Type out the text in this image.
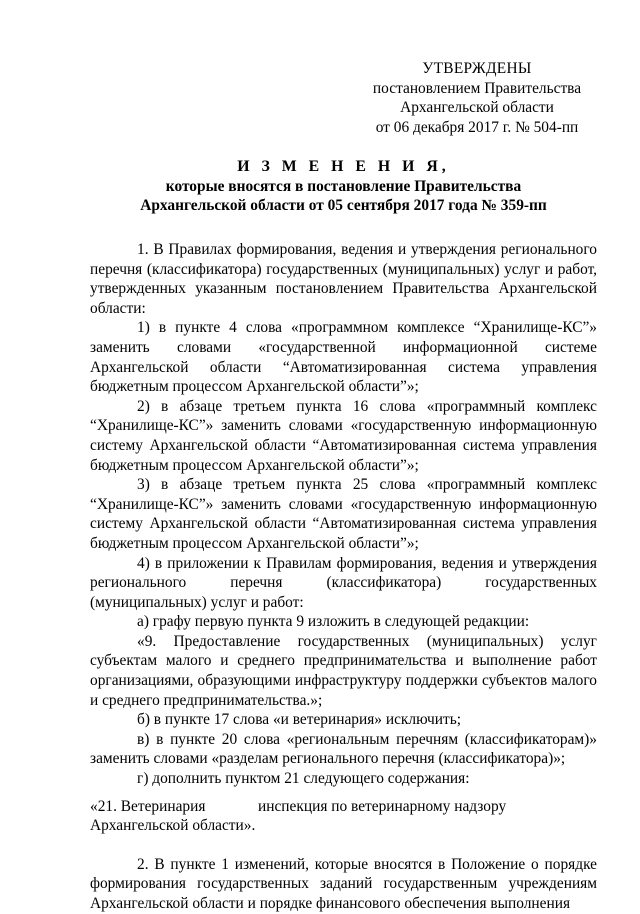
УТВЕРЖДЕНЫ
постановлением Правительства
Архангельской области
от 06 декабря 2017 г. № 504-пп
И З М Е Н Е Н И Я,
которые вносятся в постановление Правительства
Архангельской области от 05 сентября 2017 года № 359-пп

1. В Правилах формирования, ведения и утверждения регионального перечня (классификатора) государственных (муниципальных) услуг и работ, утвержденных указанным постановлением Правительства Архангельской области:

1) в пункте 4 слова «программном комплексе “Хранилище-КС”» заменить словами «государственной информационной системе Архангельской области “Автоматизированная система управления бюджетным процессом Архангельской области”»;

2) в абзаце третьем пункта 16 слова «программный комплекс “Хранилище-КС”» заменить словами «государственную информационную систему Архангельской области “Автоматизированная система управления бюджетным процессом Архангельской области”»;

3) в абзаце третьем пункта 25 слова «программный комплекс “Хранилище-КС”» заменить словами «государственную информационную систему Архангельской области “Автоматизированная система управления бюджетным процессом Архангельской области”»;

4) в приложении к Правилам формирования, ведения и утверждения регионального перечня (классификатора) государственных (муниципальных) услуг и работ:

а) графу первую пункта 9 изложить в следующей редакции:

«9. Предоставление государственных (муниципальных) услуг субъектам малого и среднего предпринимательства и выполнение работ организациями, образующими инфраструктуру поддержки субъектов малого и среднего предпринимательства.»;

б) в пункте 17 слова «и ветеринария» исключить;

в) в пункте 20 слова «региональным перечням (классификаторам)» заменить словами «разделам регионального перечня (классификатора)»;

г) дополнить пунктом 21 следующего содержания:

«21. Ветеринария	инспекция по ветеринарному надзору
Архангельской области».

2. В пункте 1 изменений, которые вносятся в Положение о порядке формирования государственных заданий государственным учреждениям Архангельской области и порядке финансового обеспечения выполнения
